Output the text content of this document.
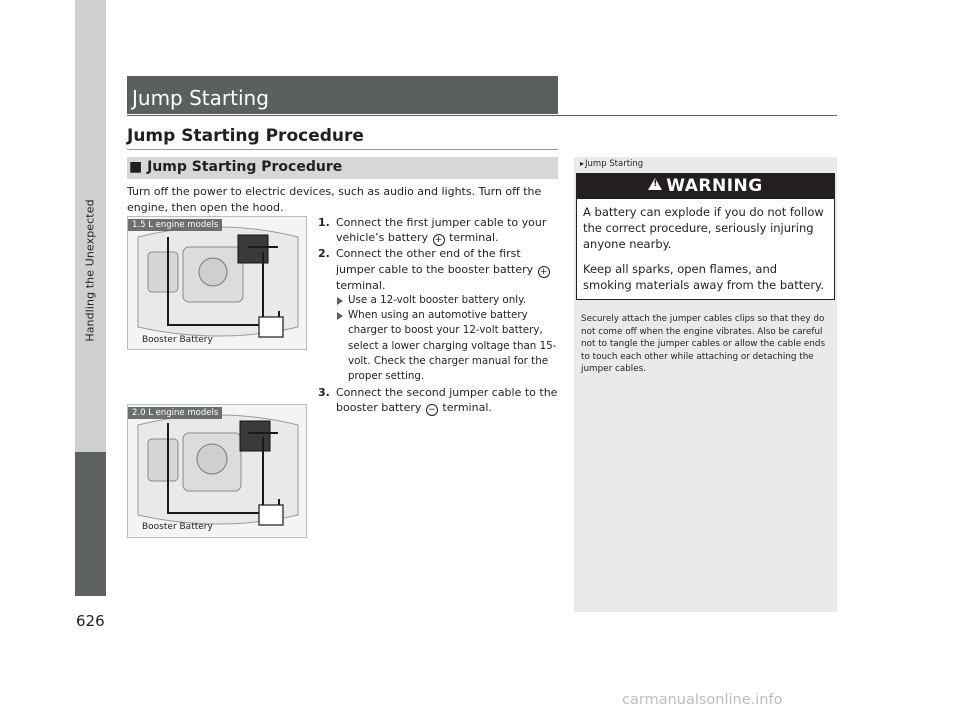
Handling the Unexpected
626
Jump Starting
Jump Starting Procedure
■ Jump Starting Procedure
Turn off the power to electric devices, such as audio and lights. Turn off the engine, then open the hood.
1. Connect the first jumper cable to your vehicle’s battery + terminal.
2. Connect the other end of the first jumper cable to the booster battery + terminal.
Use a 12-volt booster battery only.
When using an automotive battery charger to boost your 12-volt battery, select a lower charging voltage than 15-volt. Check the charger manual for the proper setting.
3. Connect the second jumper cable to the booster battery − terminal.
1.5 L engine models
Booster Battery
2.0 L engine models
Booster Battery
▸Jump Starting
!WARNING
A battery can explode if you do not follow the correct procedure, seriously injuring anyone nearby.
Keep all sparks, open flames, and smoking materials away from the battery.
Securely attach the jumper cables clips so that they do not come off when the engine vibrates. Also be careful not to tangle the jumper cables or allow the cable ends to touch each other while attaching or detaching the jumper cables.
carmanualsonline.info
